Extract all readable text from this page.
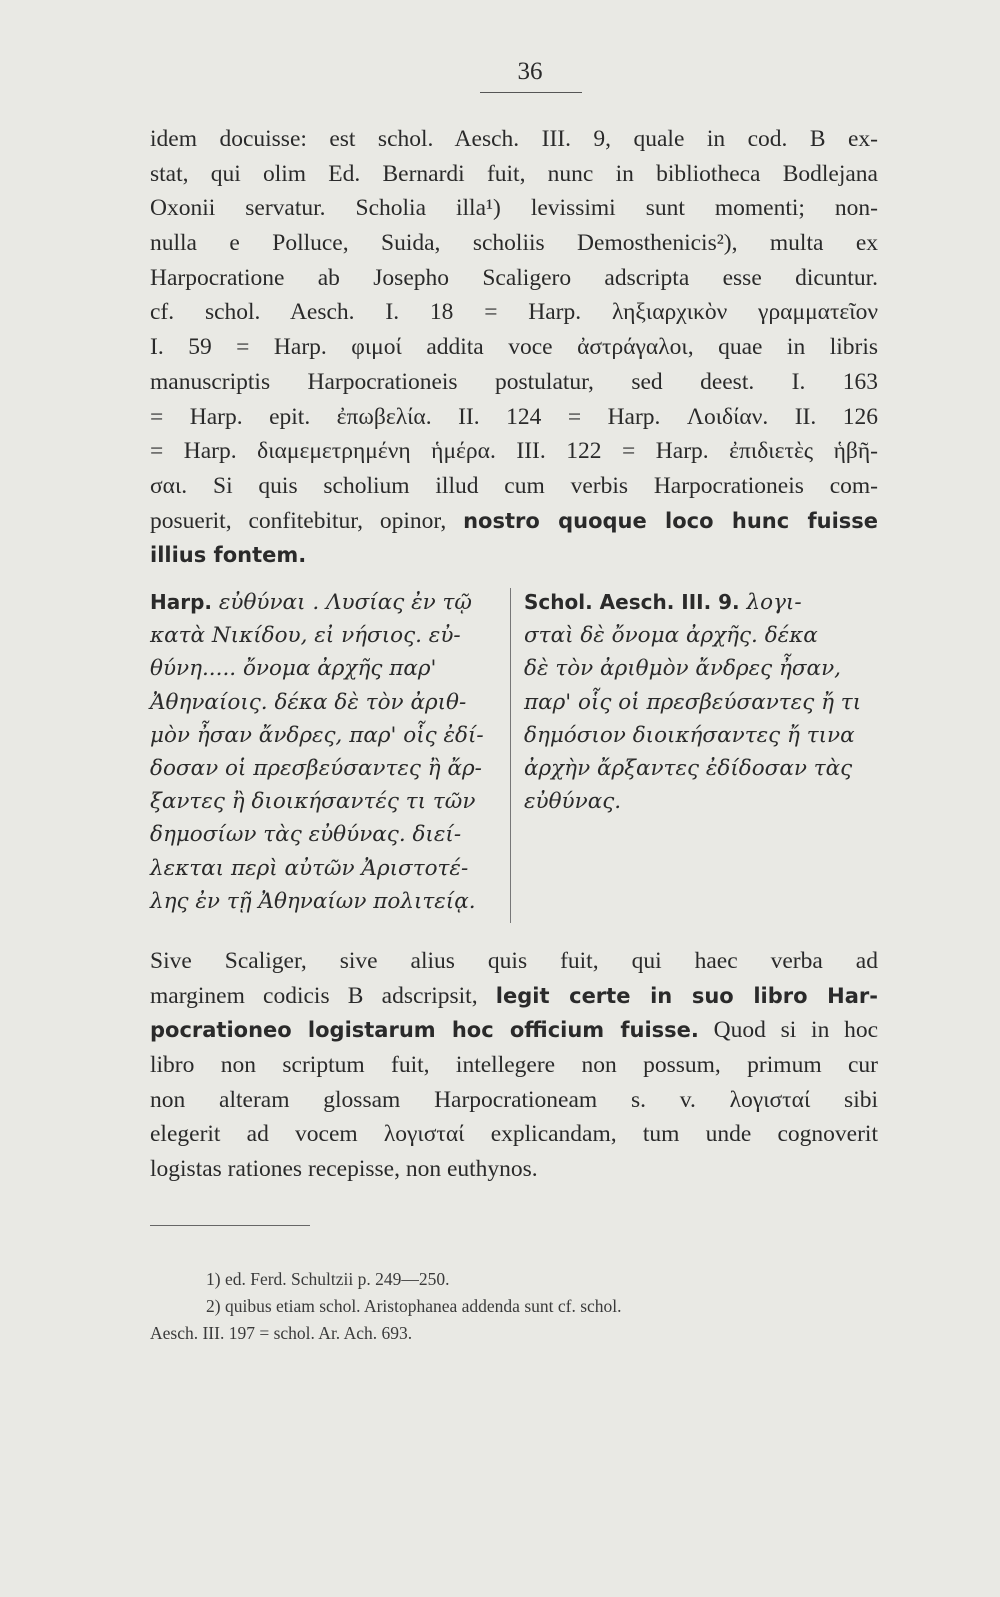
36
idem docuisse: est schol. Aesch. III. 9, quale in cod. B ex-
stat, qui olim Ed. Bernardi fuit, nunc in bibliotheca Bodlejana
Oxonii servatur. Scholia illa¹) levissimi sunt momenti; non-
nulla e Polluce, Suida, scholiis Demosthenicis²), multa ex
Harpocratione ab Josepho Scaligero adscripta esse dicuntur.
cf. schol. Aesch. I. 18 = Harp. ληξιαρχικὸν γραμματεῖον
I. 59 = Harp. φιμοί addita voce ἀστράγαλοι, quae in libris
manuscriptis Harpocrationeis postulatur, sed deest. I. 163
= Harp. epit. ἐπωβελία. II. 124 = Harp. Λοιδίαν. II. 126
= Harp. διαμεμετρημένη ἡμέρα. III. 122 = Harp. ἐπιδιετὲς ἡβῆ-
σαι. Si quis scholium illud cum verbis Harpocrationeis com-
posuerit, confitebitur, opinor, nostro quoque loco hunc fuisse
illius fontem.
Harp. εὐθύναι . Λυσίας ἐν τῷ
κατὰ Νικίδου, εἰ νήσιος. εὐ-
θύνη..... ὄνομα ἀρχῆς παρ'
Ἀθηναίοις. δέκα δὲ τὸν ἀριθ-
μὸν ἦσαν ἄνδρες, παρ' οἷς ἐδί-
δοσαν οἱ πρεσβεύσαντες ἢ ἄρ-
ξαντες ἢ διοικήσαντές τι τῶν
δημοσίων τὰς εὐθύνας. διεί-
λεκται περὶ αὐτῶν Ἀριστοτέ-
λης ἐν τῇ Ἀθηναίων πολιτείᾳ.
Schol. Aesch. III. 9. λογι-
σταὶ δὲ ὄνομα ἀρχῆς. δέκα
δὲ τὸν ἀριθμὸν ἄνδρες ἦσαν,
παρ' οἷς οἱ πρεσβεύσαντες ἤ τι
δημόσιον διοικήσαντες ἤ τινα
ἀρχὴν ἄρξαντες ἐδίδοσαν τὰς
εὐθύνας.
Sive Scaliger, sive alius quis fuit, qui haec verba ad
marginem codicis B adscripsit, legit certe in suo libro Har-
pocrationeo logistarum hoc officium fuisse. Quod si in hoc
libro non scriptum fuit, intellegere non possum, primum cur
non alteram glossam Harpocrationeam s. v. λογισταί sibi
elegerit ad vocem λογισταί explicandam, tum unde cognoverit
logistas rationes recepisse, non euthynos.
1) ed. Ferd. Schultzii p. 249—250.
2) quibus etiam schol. Aristophanea addenda sunt cf. schol.
Aesch. III. 197 = schol. Ar. Ach. 693.
